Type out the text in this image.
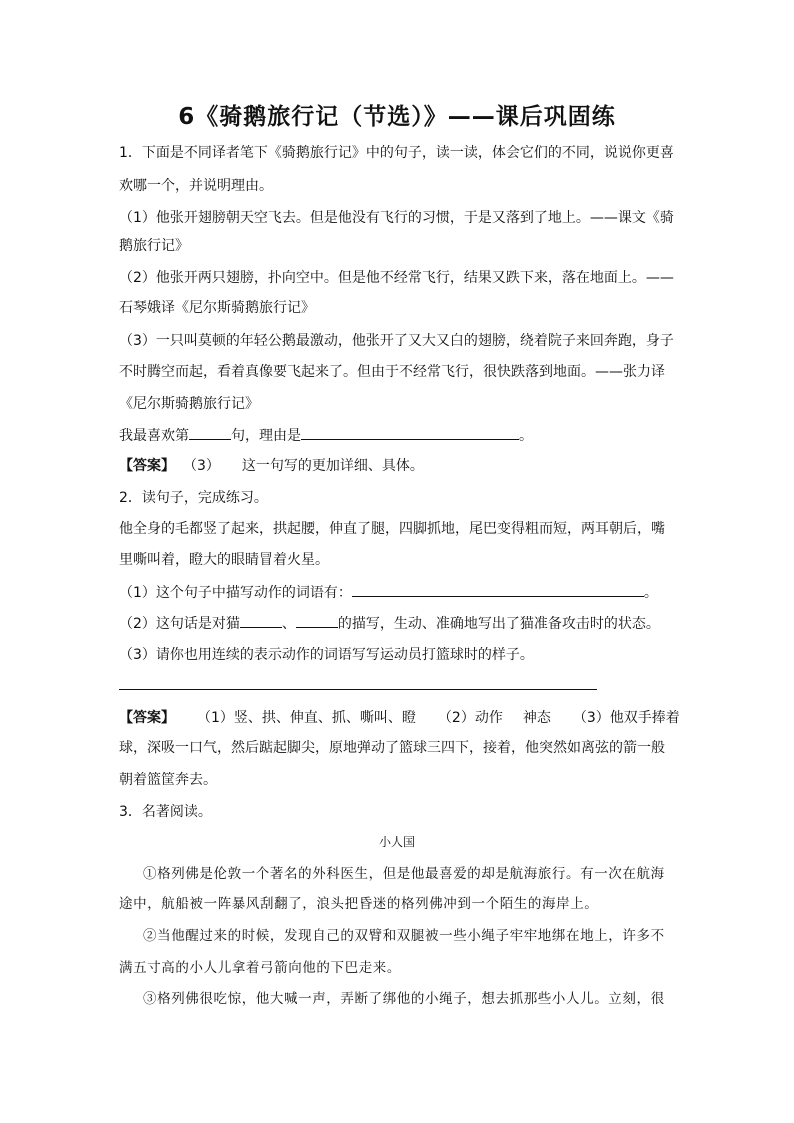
6《骑鹅旅行记（节选）》——课后巩固练
1．下面是不同译者笔下《骑鹅旅行记》中的句子，读一读，体会它们的不同，说说你更喜
欢哪一个，并说明理由。
（1）他张开翅膀朝天空飞去。但是他没有飞行的习惯，于是又落到了地上。——课文《骑
鹅旅行记》
（2）他张开两只翅膀，扑向空中。但是他不经常飞行，结果又跌下来，落在地面上。——
石琴娥译《尼尔斯骑鹅旅行记》
（3）一只叫莫顿的年轻公鹅最激动，他张开了又大又白的翅膀，绕着院子来回奔跑，身子
不时腾空而起，看着真像要飞起来了。但由于不经常飞行，很快跌落到地面。——张力译
《尼尔斯骑鹅旅行记》
我最喜欢第	句，理由是	。
【答案】 （3） 这一句写的更加详细、具体。
2．读句子，完成练习。
他全身的毛都竖了起来，拱起腰，伸直了腿，四脚抓地，尾巴变得粗而短，两耳朝后，嘴
里嘶叫着，瞪大的眼睛冒着火星。
（1）这个句子中描写动作的词语有：	。
（2）这句话是对猫	、	的描写，生动、准确地写出了猫准备攻击时的状态。
（3）请你也用连续的表示动作的词语写写运动员打篮球时的样子。
【答案】 （1）竖、拱、伸直、抓、嘶叫、瞪 （2）动作 神态 （3）他双手捧着
球，深吸一口气，然后踮起脚尖，原地弹动了篮球三四下，接着，他突然如离弦的箭一般
朝着篮筐奔去。
3．名著阅读。
小人国
①格列佛是伦敦一个著名的外科医生，但是他最喜爱的却是航海旅行。有一次在航海
途中，航船被一阵暴风刮翻了，浪头把昏迷的格列佛冲到一个陌生的海岸上。
②当他醒过来的时候，发现自己的双臂和双腿被一些小绳子牢牢地绑在地上，许多不
满五寸高的小人儿拿着弓箭向他的下巴走来。
③格列佛很吃惊，他大喊一声，弄断了绑他的小绳子，想去抓那些小人儿。立刻，很
